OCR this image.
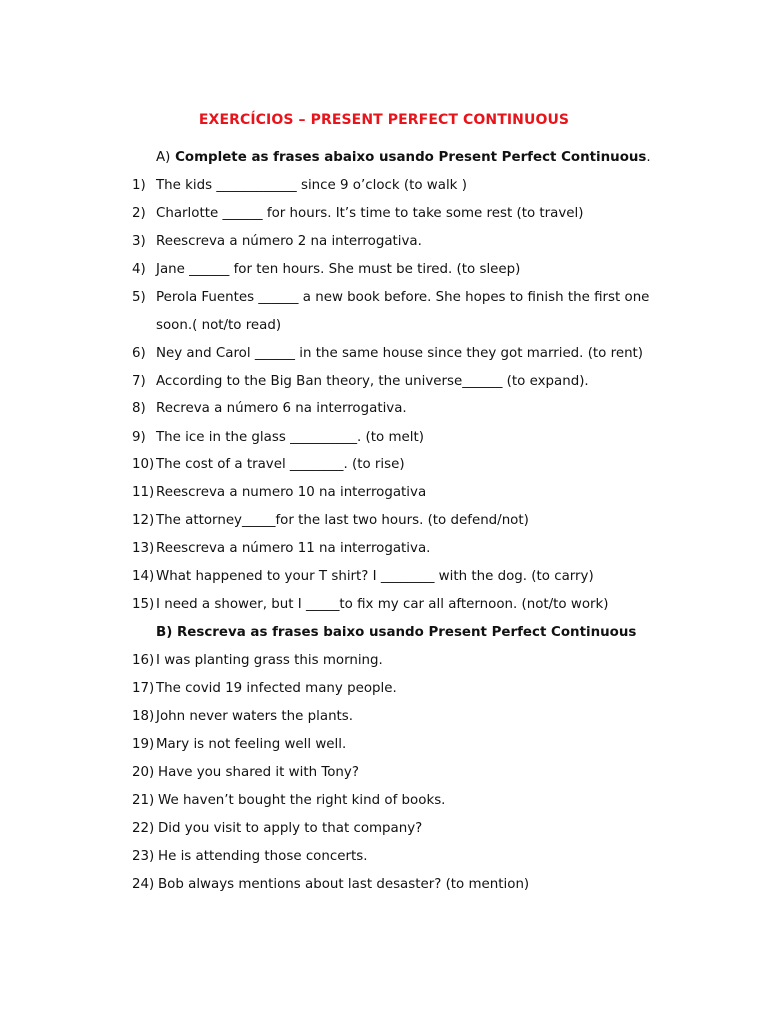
EXERCÍCIOS – PRESENT PERFECT CONTINUOUS
A) Complete as frases abaixo usando Present Perfect Continuous.
1) The kids ____________ since 9 o’clock (to walk )
2) Charlotte ______ for hours. It’s time to take some rest (to travel)
3) Reescreva a número 2 na interrogativa.
4) Jane ______ for ten hours. She must be tired. (to sleep)
5) Perola Fuentes ______ a new book before. She hopes to finish the first one
soon.( not/to read)
6) Ney and Carol ______ in the same house since they got married. (to rent)
7) According to the Big Ban theory, the universe______ (to expand).
8) Recreva a número 6 na interrogativa.
9) The ice in the glass __________. (to melt)
10) The cost of a travel ________. (to rise)
11) Reescreva a numero 10 na interrogativa
12) The attorney_____for the last two hours. (to defend/not)
13) Reescreva a número 11 na interrogativa.
14) What happened to your T shirt? I ________ with the dog. (to carry)
15) I need a shower, but I _____to fix my car all afternoon. (not/to work)
B) Rescreva as frases baixo usando Present Perfect Continuous
16) I was planting grass this morning.
17) The covid 19 infected many people.
18) John never waters the plants.
19) Mary is not feeling well well.
20) Have you shared it with Tony?
21) We haven’t bought the right kind of books.
22) Did you visit to apply to that company?
23) He is attending those concerts.
24) Bob always mentions about last desaster? (to mention)
